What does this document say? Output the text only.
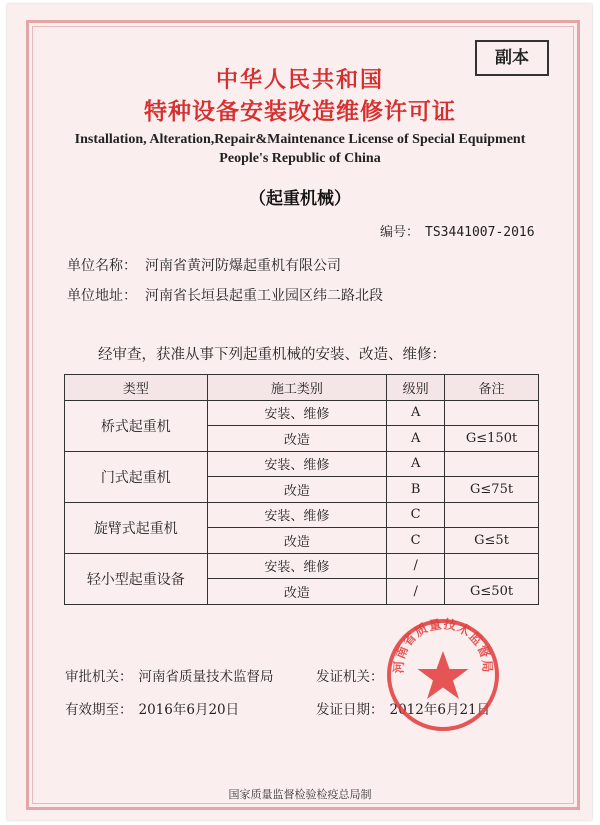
副本
中华人民共和国
特种设备安装改造维修许可证
Installation, Alteration,Repair&Maintenance License of Special Equipment
People's Republic of China
（起重机械）
编号： TS3441007-2016
单位名称： 河南省黄河防爆起重机有限公司
单位地址： 河南省长垣县起重工业园区纬二路北段
经审查，获准从事下列起重机械的安装、改造、维修：
类型	施工类别	级别	备注
桥式起重机	安装、维修	A	
	改造	A	G≤150t
门式起重机	安装、维修	A	
	改造	B	G≤75t
旋臂式起重机	安装、维修	C	
	改造	C	G≤5t
轻小型起重设备	安装、维修	/	
	改造	/	G≤50t
审批机关： 河南省质量技术监督局	发证机关：
有效期至： 2016年6月20日	发证日期： 2012年6月21日
河南省质量技术监督局
国家质量监督检验检疫总局制
